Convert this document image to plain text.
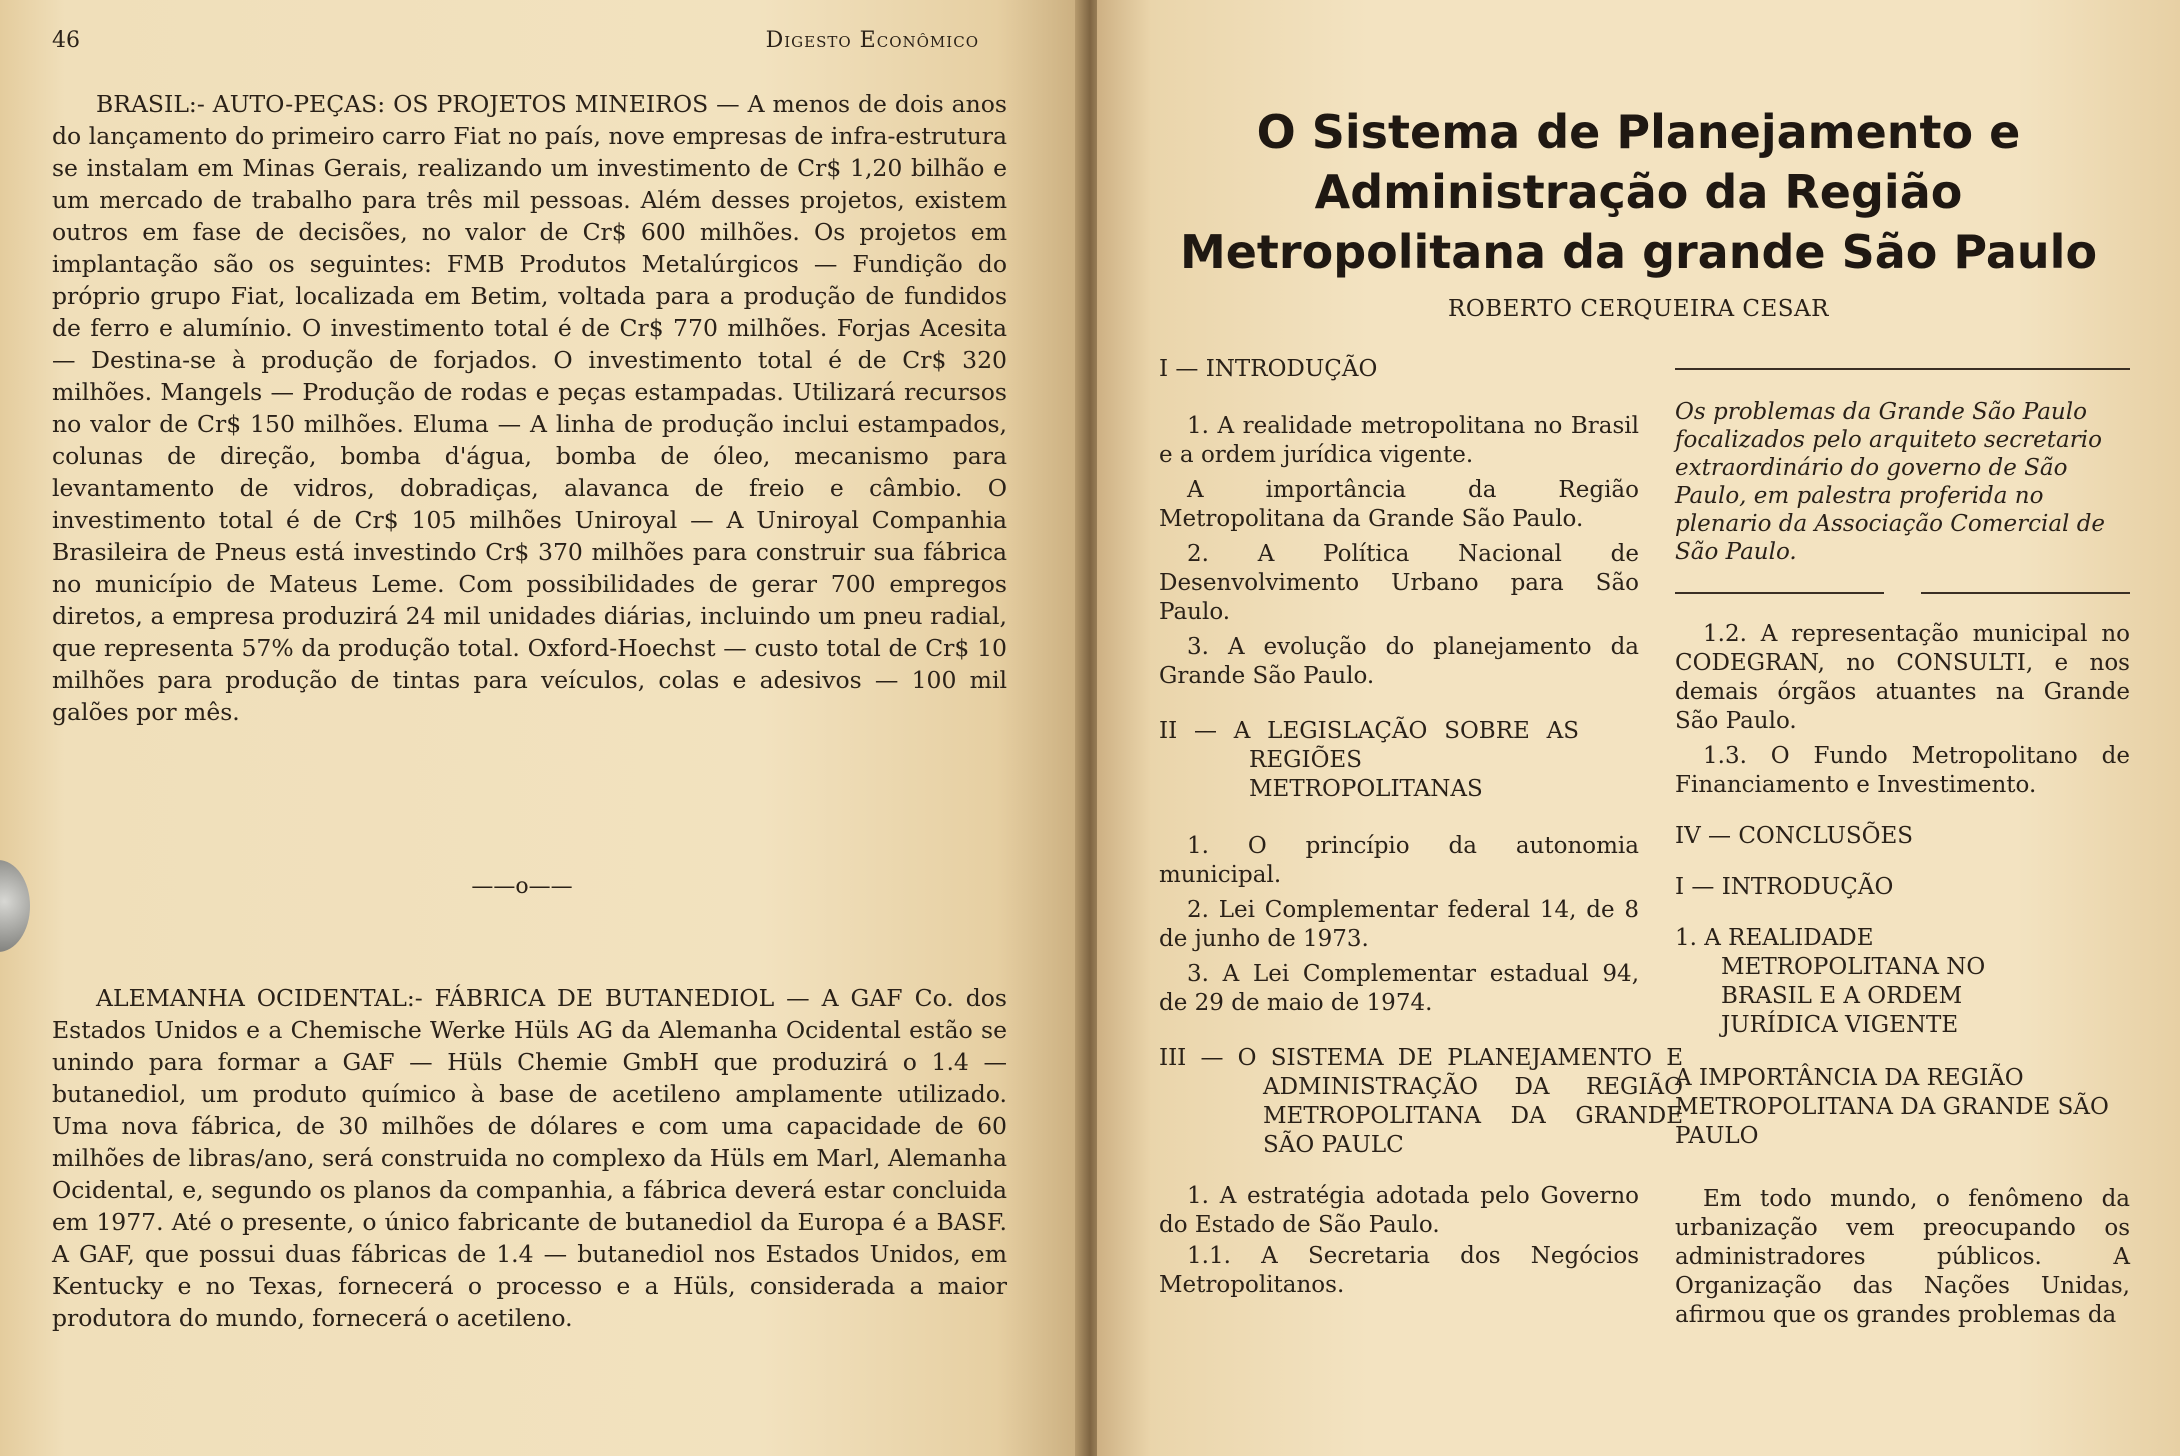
46	Digesto Econômico

BRASIL:- AUTO-PEÇAS: OS PROJETOS MINEIROS — A menos de dois anos do lançamento do primeiro carro Fiat no país, nove empresas de infra-estrutura se instalam em Minas Gerais, realizando um investimento de Cr$ 1,20 bilhão e um mercado de trabalho para três mil pessoas. Além desses projetos, existem outros em fase de decisões, no valor de Cr$ 600 milhões. Os projetos em implantação são os seguintes: FMB Produtos Metalúrgicos — Fundição do próprio grupo Fiat, localizada em Betim, voltada para a produção de fundidos de ferro e alumínio. O investimento total é de Cr$ 770 milhões. Forjas Acesita — Destina-se à produção de forjados. O investimento total é de Cr$ 320 milhões. Mangels — Produção de rodas e peças estampadas. Utilizará recursos no valor de Cr$ 150 milhões. Eluma — A linha de produção inclui estampados, colunas de direção, bomba d'água, bomba de óleo, mecanismo para levantamento de vidros, dobradiças, alavanca de freio e câmbio. O investimento total é de Cr$ 105 milhões Uniroyal — A Uniroyal Companhia Brasileira de Pneus está investindo Cr$ 370 milhões para construir sua fábrica no município de Mateus Leme. Com possibilidades de gerar 700 empregos diretos, a empresa produzirá 24 mil unidades diárias, incluindo um pneu radial, que representa 57% da produção total. Oxford-Hoechst — custo total de Cr$ 10 milhões para produção de tintas para veículos, colas e adesivos — 100 mil galões por mês.

——o——

ALEMANHA OCIDENTAL:- FÁBRICA DE BUTANEDIOL — A GAF Co. dos Estados Unidos e a Chemische Werke Hüls AG da Alemanha Ocidental estão se unindo para formar a GAF — Hüls Chemie GmbH que produzirá o 1.4 — butanediol, um produto químico à base de acetileno amplamente utilizado. Uma nova fábrica, de 30 milhões de dólares e com uma capacidade de 60 milhões de libras/ano, será construida no complexo da Hüls em Marl, Alemanha Ocidental, e, segundo os planos da companhia, a fábrica deverá estar concluida em 1977. Até o presente, o único fabricante de butanediol da Europa é a BASF. A GAF, que possui duas fábricas de 1.4 — butanediol nos Estados Unidos, em Kentucky e no Texas, fornecerá o processo e a Hüls, considerada a maior produtora do mundo, fornecerá o acetileno.

O Sistema de Planejamento e
Administração da Região
Metropolitana da grande São Paulo
ROBERTO CERQUEIRA CESAR
I — INTRODUÇÃO
1. A realidade metropolitana no Brasil e a ordem jurídica vigente.
A importância da Região Metropolitana da Grande São Paulo.
2. A Política Nacional de Desenvolvimento Urbano para São Paulo.
3. A evolução do planejamento da Grande São Paulo.
II — A LEGISLAÇÃO SOBRE AS REGIÕES METROPOLITANAS
1. O princípio da autonomia municipal.
2. Lei Complementar federal 14, de 8 de junho de 1973.
3. A Lei Complementar estadual 94, de 29 de maio de 1974.
III — O SISTEMA DE PLANEJAMENTO E ADMINISTRAÇÃO DA REGIÃO METROPOLITANA DA GRANDE SÃO PAULC
1. A estratégia adotada pelo Governo do Estado de São Paulo.
1.1. A Secretaria dos Negócios Metropolitanos.
Os problemas da Grande São Paulo focalizados pelo arquiteto secretario extraordinário do governo de São Paulo, em palestra proferida no plenario da Associação Comercial de São Paulo.
1.2. A representação municipal no CODEGRAN, no CONSULTI, e nos demais órgãos atuantes na Grande São Paulo.
1.3. O Fundo Metropolitano de Financiamento e Investimento.
IV — CONCLUSÕES
I — INTRODUÇÃO
1. A REALIDADE METROPOLITANA NO BRASIL E A ORDEM JURÍDICA VIGENTE
A IMPORTÂNCIA DA REGIÃO METROPOLITANA DA GRANDE SÃO PAULO
Em todo mundo, o fenômeno da urbanização vem preocupando os administradores públicos. A Organização das Nações Unidas, afirmou que os grandes problemas da
